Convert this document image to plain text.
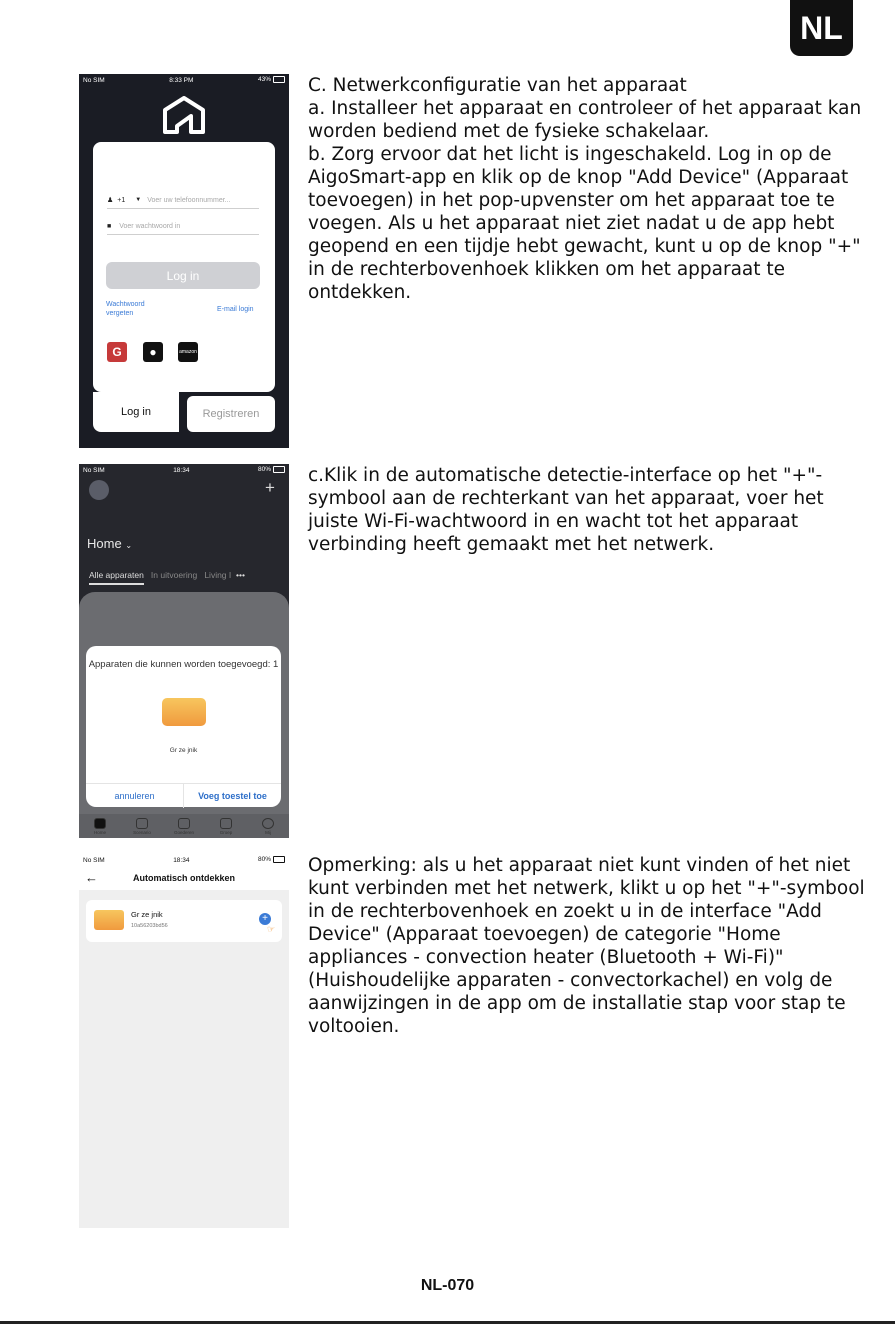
NL
No SIM	8:33 PM	43%
♟ +1 ▼ Voer uw telefoonnummer...
■ Voer wachtwoord in
Log in
Wachtwoord vergeten
E-mail login
G	●	amazon
Log in	Registreren

C. Netwerkconfiguratie van het apparaat

a. Installeer het apparaat en controleer of het apparaat kan worden bediend met de fysieke schakelaar.

b. Zorg ervoor dat het licht is ingeschakeld. Log in op de AigoSmart-app en klik op de knop "Add Device" (Apparaat toevoegen) in het pop-upvenster om het apparaat toe te voegen. Als u het apparaat niet ziet nadat u de app hebt geopend en een tijdje hebt gewacht, kunt u op de knop "+" in de rechterbovenhoek klikken om het apparaat te ontdekken.

No SIM	18:34	80%
+
Home ⌄
Alle apparaten In uitvoering Living I •••
Apparaten die kunnen worden toegevoegd: 1
Gr ze jnik
annuleren	Voeg toestel toe
Home	Scenario	Goederen	Groep	Mij

c.Klik in de automatische detectie-interface op het "+"-symbool aan de rechterkant van het apparaat, voer het juiste Wi-Fi-wachtwoord in en wacht tot het apparaat verbinding heeft gemaakt met het netwerk.

No SIM	18:34	80%
←	Automatisch ontdekken
Gr ze jnik
10a56203bd56
+
☞

Opmerking: als u het apparaat niet kunt vinden of het niet kunt verbinden met het netwerk, klikt u op het "+"-symbool in de rechterbovenhoek en zoekt u in de interface "Add Device" (Apparaat toevoegen) de categorie "Home appliances - convection heater (Bluetooth + Wi-Fi)" (Huishoudelijke apparaten - convectorkachel) en volg de aanwijzingen in de app om de installatie stap voor stap te voltooien.

NL-070
